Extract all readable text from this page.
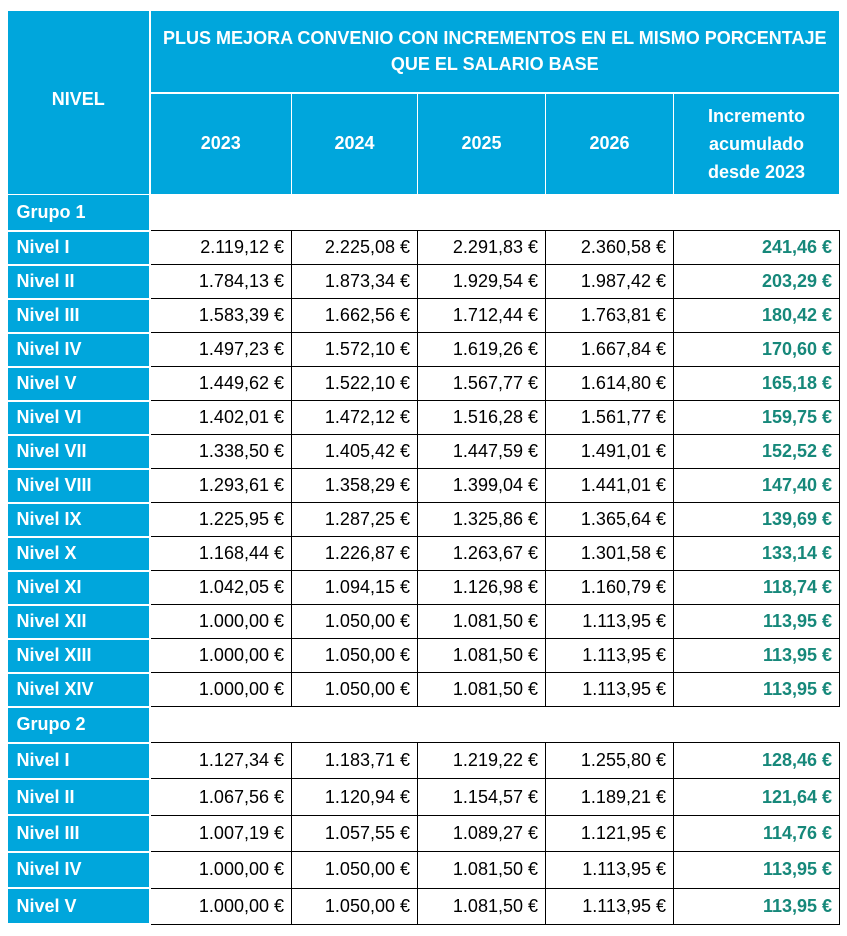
NIVEL	PLUS MEJORA CONVENIO CON INCREMENTOS EN EL MISMO PORCENTAJE QUE EL SALARIO BASE				
	2023	2024	2025	2026	Incremento acumulado desde 2023
Grupo 1					
Nivel I	2.119,12 €	2.225,08 €	2.291,83 €	2.360,58 €	241,46 €
Nivel II	1.784,13 €	1.873,34 €	1.929,54 €	1.987,42 €	203,29 €
Nivel III	1.583,39 €	1.662,56 €	1.712,44 €	1.763,81 €	180,42 €
Nivel IV	1.497,23 €	1.572,10 €	1.619,26 €	1.667,84 €	170,60 €
Nivel V	1.449,62 €	1.522,10 €	1.567,77 €	1.614,80 €	165,18 €
Nivel VI	1.402,01 €	1.472,12 €	1.516,28 €	1.561,77 €	159,75 €
Nivel VII	1.338,50 €	1.405,42 €	1.447,59 €	1.491,01 €	152,52 €
Nivel VIII	1.293,61 €	1.358,29 €	1.399,04 €	1.441,01 €	147,40 €
Nivel IX	1.225,95 €	1.287,25 €	1.325,86 €	1.365,64 €	139,69 €
Nivel X	1.168,44 €	1.226,87 €	1.263,67 €	1.301,58 €	133,14 €
Nivel XI	1.042,05 €	1.094,15 €	1.126,98 €	1.160,79 €	118,74 €
Nivel XII	1.000,00 €	1.050,00 €	1.081,50 €	1.113,95 €	113,95 €
Nivel XIII	1.000,00 €	1.050,00 €	1.081,50 €	1.113,95 €	113,95 €
Nivel XIV	1.000,00 €	1.050,00 €	1.081,50 €	1.113,95 €	113,95 €
Grupo 2					
Nivel I	1.127,34 €	1.183,71 €	1.219,22 €	1.255,80 €	128,46 €
Nivel II	1.067,56 €	1.120,94 €	1.154,57 €	1.189,21 €	121,64 €
Nivel III	1.007,19 €	1.057,55 €	1.089,27 €	1.121,95 €	114,76 €
Nivel IV	1.000,00 €	1.050,00 €	1.081,50 €	1.113,95 €	113,95 €
Nivel V	1.000,00 €	1.050,00 €	1.081,50 €	1.113,95 €	113,95 €
